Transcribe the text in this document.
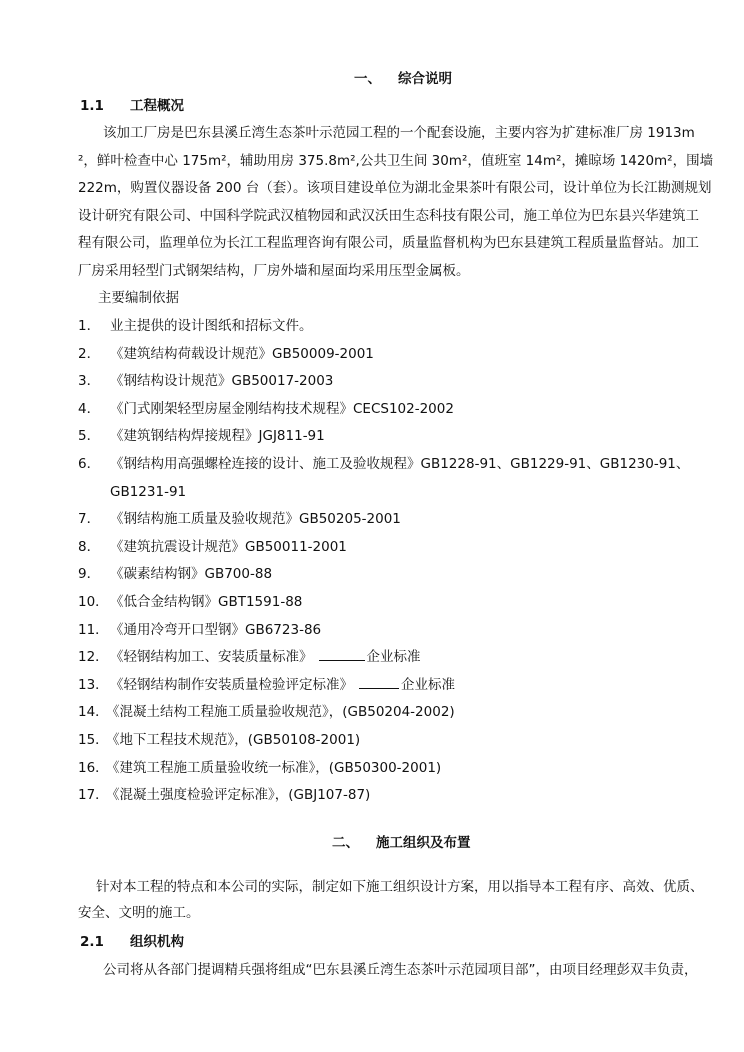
一、 综合说明
1.1 工程概况
该加工厂房是巴东县溪丘湾生态茶叶示范园工程的一个配套设施，主要内容为扩建标准厂房 1913m
²，鲜叶检查中心 175m²，辅助用房 375.8m²,公共卫生间 30m²，值班室 14m²，摊晾场 1420m²，围墙
222m，购置仪器设备 200 台（套）。该项目建设单位为湖北金果茶叶有限公司，设计单位为长江勘测规划
设计研究有限公司、中国科学院武汉植物园和武汉沃田生态科技有限公司，施工单位为巴东县兴华建筑工
程有限公司，监理单位为长江工程监理咨询有限公司，质量监督机构为巴东县建筑工程质量监督站。加工
厂房采用轻型门式钢架结构，厂房外墙和屋面均采用压型金属板。
主要编制依据
1． 业主提供的设计图纸和招标文件。
2． 《建筑结构荷载设计规范》GB50009-2001
3． 《钢结构设计规范》GB50017-2003
4． 《门式刚架轻型房屋金刚结构技术规程》CECS102-2002
5． 《建筑钢结构焊接规程》JGJ811-91
6． 《钢结构用高强螺栓连接的设计、施工及验收规程》GB1228-91、GB1229-91、GB1230-91、
GB1231-91
7． 《钢结构施工质量及验收规范》GB50205-2001
8． 《建筑抗震设计规范》GB50011-2001
9． 《碳素结构钢》GB700-88
10． 《低合金结构钢》GBT1591-88
11． 《通用冷弯开口型钢》GB6723-86
12． 《轻钢结构加工、安装质量标准》	企业标准
13． 《轻钢结构制作安装质量检验评定标准》	企业标准
14．
《混凝土结构工程施工质量验收规范》，(GB50204-2002)
15．
《地下工程技术规范》，(GB50108-2001)
16．
《建筑工程施工质量验收统一标准》，(GB50300-2001)
17．
《混凝土强度检验评定标准》，(GBJ107-87)
二、 施工组织及布置
针对本工程的特点和本公司的实际，制定如下施工组织设计方案，用以指导本工程有序、高效、优质、
安全、文明的施工。
2.1 组织机构
公司将从各部门提调精兵强将组成“巴东县溪丘湾生态茶叶示范园项目部”，由项目经理彭双丰负责，
